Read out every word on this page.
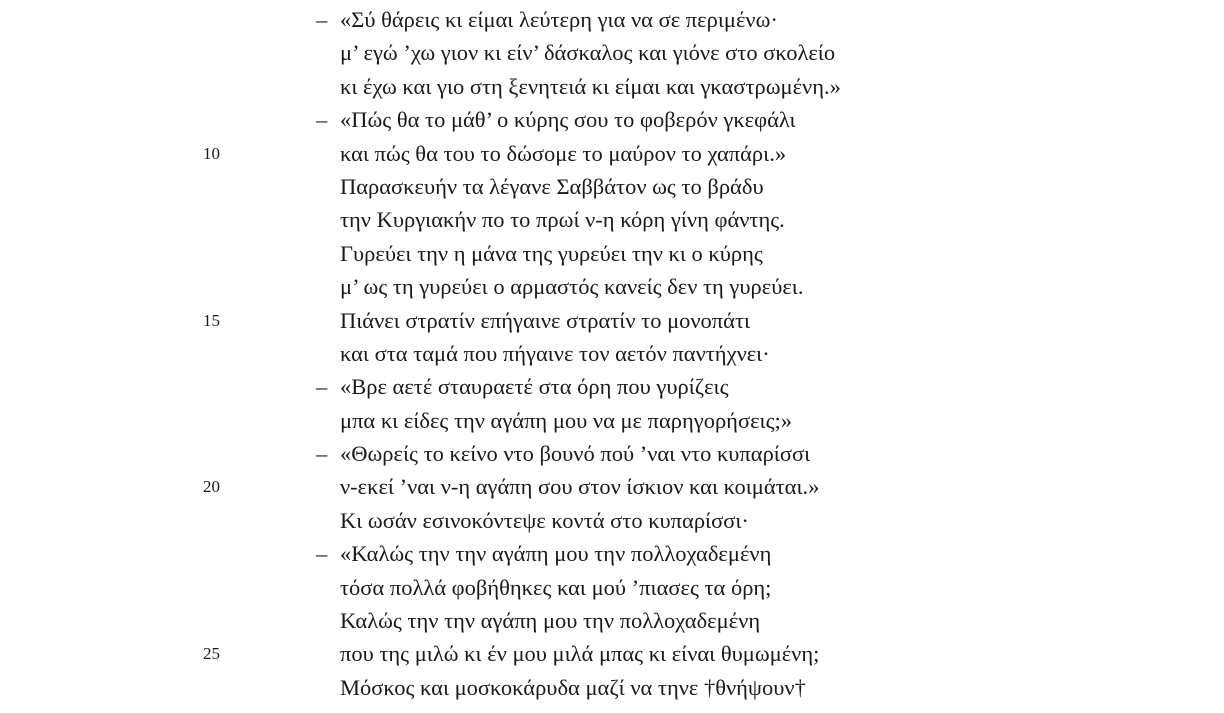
– «Σύ θάρεις κι είμαι λεύτερη για να σε περιμένω·
μ’ εγώ ’χω γιον κι είν’ δάσκαλος και γιόνε στο σκολείο
κι έχω και γιο στη ξενητειά κι είμαι και γκαστρωμένη.»
– «Πώς θα το μάθ’ ο κύρης σου το φοβερόν γκεφάλι
10	και πώς θα του το δώσομε το μαύρον το χαπάρι.»
Παρασκευήν τα λέγανε Σαββάτον ως το βράδυ
την Κυργιακήν πο το πρωί ν-η κόρη γίνη φάντης.
Γυρεύει την η μάνα της γυρεύει την κι ο κύρης
μ’ ως τη γυρεύει ο αρμαστός κανείς δεν τη γυρεύει.
15	Πιάνει στρατίν επήγαινε στρατίν το μονοπάτι
και στα ταμά που πήγαινε τον αετόν παντήχνει·
– «Βρε αετέ σταυραετέ στα όρη που γυρίζεις
μπα κι είδες την αγάπη μου να με παρηγορήσεις;»
– «Θωρείς το κείνο ντο βουνό πού ’ναι ντο κυπαρίσσι
20	ν-εκεί ’ναι ν-η αγάπη σου στον ίσκιον και κοιμάται.»
Κι ωσάν εσινοκόντεψε κοντά στο κυπαρίσσι·
– «Καλώς την την αγάπη μου την πολλοχαδεμένη
τόσα πολλά φοβήθηκες και μού ’πιασες τα όρη;
Καλώς την την αγάπη μου την πολλοχαδεμένη
25	που της μιλώ κι έν μου μιλά μπας κι είναι θυμωμένη;
Μόσκος και μοσκοκάρυδα μαζί να τηνε †θνήψουν†
